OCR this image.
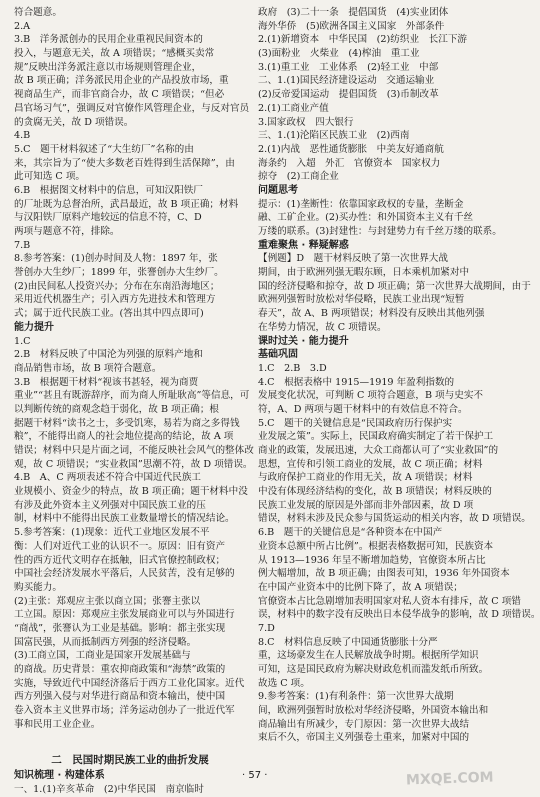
符合题意。
2.A
3.B　洋务派创办的民用企业重视民间资本的
投入，与题意无关，故 A 项错误；“感概买卖常
规”反映出洋务派注意以市场规则管理企业，
故 B 项正确；洋务派民用企业的产品投放市场，重
视商品生产，而非官商合办，故 C 项错误；“但必
昌官场习气”，强调反对官僚作风管理企业，与反对官员
的贪腐无关，故 D 项错误。
4.B
5.C　题干材料叙述了“大生纺厂”名称的由
来，其宗旨为了“使大多数老百姓得到生活保障”，由
此可知选 C 项。
6.B　根据图文材料中的信息，可知汉阳铁厂
的厂址既为总督治所，武昌最近，故 B 项正确；材料
与汉阳铁厂原料产地较远的信息不符，C、D
两项与题意不符，排除。
7.B
8.参考答案：(1)创办时间及人物：1897 年，张
誉创办大生纱厂；1899 年，张謇创办大生纱厂。
(2)由民间私人投资兴办；分布在东南沿海地区；
采用近代机器生产；引入西方先进技术和管理方
式；属于近代民族工业。(答出其中四点即可)
能力提升
1.C
2.B　材料反映了中国沦为列强的原料产地和
商品销售市场，故 B 项符合题意。
3.B　根据题干材料“视该书甚轻，视为商贾
重业”“甚且有既游辞序，而为商人所耻耿高”等信息，可
以判断传统的商观念趋于弱化，故 B 项正确；根
据题干材料“读书之士，多受饥寒，易若为商之多得钱
粮”，不能得出商人的社会地位提高的结论，故 A 项
错误；材料中只是片面之词，不能反映社会风气的整体改
观，故 C 项错误；“实业救国”思潮不符，故 D 项错误。
4.B　A、C 两项表述不符合中国近代民族工
业规模小、资金少的特点，故 B 项正确；题干材料中没
有涉及此外资本主义列强对中国民族工业的压
制，材料中不能得出民族工业数量增长的情况结论。
5.参考答案：(1)现象：近代工业地区发展不平
衡：人们对近代工业的认识不一。原因：旧有资产
性的西方近代文明存在抵触，旧式官僚控制政权；
中国社会经济发展水平落后，人民贫苦，没有足够的
购买能力。
(2)主张：郑观应主张以商立国；张謇主张以
工立国。原因：郑观应主张发展商业可以与外国进行
“商战”，张謇认为工业是基础。影响：都主张实现
国富民强，从而抵制西方列强的经济侵略。
(3)工商立国，工商业是国家开发展基础与
的商战。历史背景：重农抑商政策和“海禁”政策的
实施，导致近代中国经济落后于西方工业化国家。近代
西方列强入侵与对华进行商品和资本输出，使中国
卷入资本主义世界市场；洋务运动创办了一批近代军
事和民用工业企业。
二　民国时期民族工业的曲折发展
知识梳理 · 构建体系
一、1.(1)辛亥革命　(2)中华民国　南京临时
政府　(3)二十一条　提倡国货　(4)实业团体
海外华侨　(5)欧洲各国主义国家　外部条件
2.(1)新增资本　中华民国　(2)纺织业　长江下游
(3)面粉业　火柴业　(4)榨油　重工业
3.(1)重工业　工业体系　(2)轻工业　中部
二、1.(1)国民经济建设运动　交通运输业
(2)反帝爱国运动　提倡国货　(3)币制改革
2.(1)工商业产值
3.国家政权　四大银行
三、1.(1)沦陷区民族工业　(2)西南
2.(1)内战　恶性通货膨胀　中美友好通商航
海条约　入超　外汇　官僚资本　国家权力
掠夺　(2)工商企业
问题思考
提示：(1)垄断性：依靠国家政权的专量，垄断金
融、工矿企业。(2)买办性：和外国资本主义有千丝
万缕的联系。(3)封建性：与封建势力有千丝万缕的联系。
重难聚焦 · 释疑解惑
【例题】D　题干材料反映了第一次世界大战
期间，由于欧洲列强无暇东顾，日本乘机加紧对中
国的经济侵略和掠夺，故 D 项正确；第一次世界大战期间，由于
欧洲列强暂时放松对华侵略，民族工业出现“短暂
春天”，故 A、B 两项错误；材料没有反映出其他列强
在华势力情况，故 C 项错误。
课时过关 · 能力提升
基础巩固
1.C　2.B　3.D
4.C　根据表格中 1915—1919 年盈利指数的
发展变化状况，可判断 C 项符合题意，B 项与史实不
符，A、D 两项与题干材料中的有效信息不符合。
5.C　题干的关键信息是“民国政府历行保护实
业发展之策”。实际上，民国政府确实制定了若干保护工
商业的政策，发展迅速，大众工商都认可了“实业救国”的
思想，宣传和引领工商业的发展，故 C 项正确；材料
与政府保护工商业的作用无关，故 A 项错误；材料
中没有体现经济结构的变化，故 B 项错误；材料反映的
民族工业发展的原因是外部而非外部因素，故 D 项
错误，材料未涉及民众参与国货运动的相关内容，故 D 项错误。
6.B　题干的关键信息是“各种资本在中国产
业资本总额中所占比例”。根据表格数据可知，民族资本
从 1913—1936 年呈不断增加趋势，官僚资本所占比
例大幅增加，故 B 项正确；由图表可知，1936 年外国资本
在中国产业资本中的比例下降了，故 A 项错误；
官僚资本占比急剧增加表明国家对私人资本有排斥，故 C 项错
误，材料中的数字没有反映出日本侵华战争的影响，故 D 项错误。
7.D
8.C　材料信息反映了中国通货膨胀十分严
重，这场豪发生在人民解放战争时期。根据所学知识
可知，这是国民政府为解决财政危机而滥发纸币所致。
故选 C 项。
9.参考答案：(1)有利条件：第一次世界大战期
间，欧洲列强暂时放松对华经济侵略，外国资本输出和
商品输出有所减少，专门原因：第一次世界大战结
束后不久，帝国主义列强卷土重来，加紧对中国的
· 57 ·	MXQE.COM
